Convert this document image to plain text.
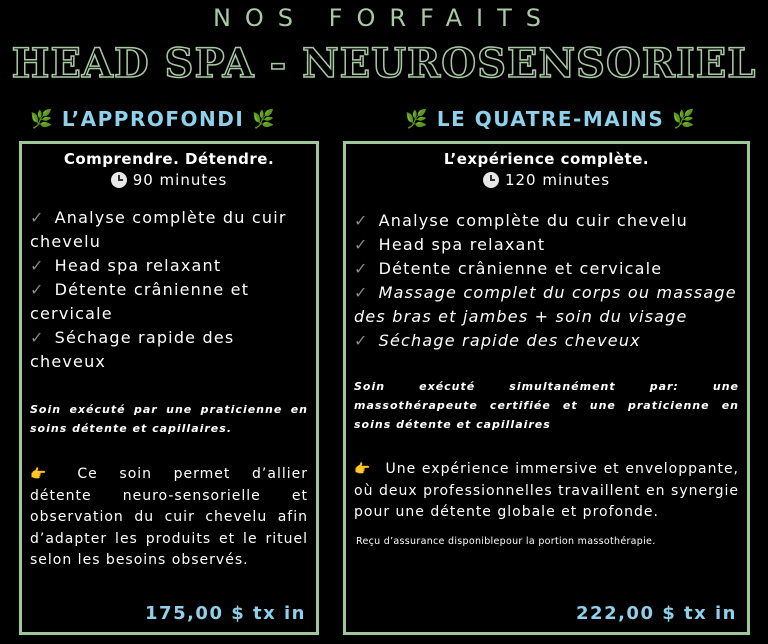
NOS FORFAITS
HEAD SPA - NEUROSENSORIEL
🌿 L’APPROFONDI 🌿	🌿 LE QUATRE-MAINS 🌿
Comprendre. Détendre.
90 minutes
✓ Analyse complète du cuir chevelu
✓ Head spa relaxant
✓ Détente crânienne et cervicale
✓ Séchage rapide des cheveux
Soin exécuté par une praticienne en soins détente et capillaires.
👉 Ce soin permet d’allier détente neuro-sensorielle et observation du cuir chevelu afin d’adapter les produits et le rituel selon les besoins observés.
175,00 $ tx in
L’expérience complète.
120 minutes
✓ Analyse complète du cuir chevelu
✓ Head spa relaxant
✓ Détente crânienne et cervicale
✓ Massage complet du corps ou massage des bras et jambes + soin du visage
✓ Séchage rapide des cheveux
Soin exécuté simultanément par: une massothérapeute certifiée et une praticienne en soins détente et capillaires
👉 Une expérience immersive et enveloppante, où deux professionnelles travaillent en synergie pour une détente globale et profonde.
Reçu d’assurance disponiblepour la portion massothérapie.
222,00 $ tx in
